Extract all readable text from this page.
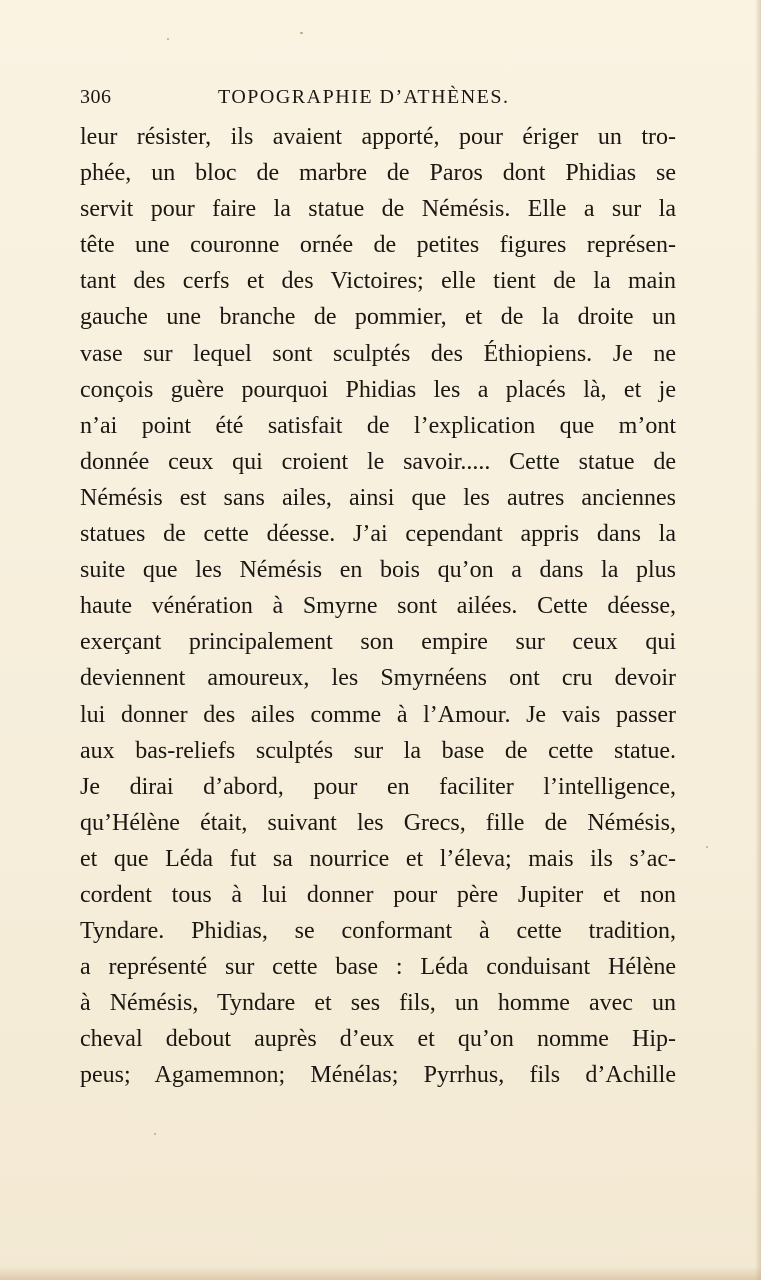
306	TOPOGRAPHIE D’ATHÈNES.
leur résister, ils avaient apporté, pour ériger un tro-
phée, un bloc de marbre de Paros dont Phidias se
servit pour faire la statue de Némésis. Elle a sur la
tête une couronne ornée de petites figures représen-
tant des cerfs et des Victoires; elle tient de la main
gauche une branche de pommier, et de la droite un
vase sur lequel sont sculptés des Éthiopiens. Je ne
conçois guère pourquoi Phidias les a placés là, et je
n’ai point été satisfait de l’explication que m’ont
donnée ceux qui croient le savoir..... Cette statue de
Némésis est sans ailes, ainsi que les autres anciennes
statues de cette déesse. J’ai cependant appris dans la
suite que les Némésis en bois qu’on a dans la plus
haute vénération à Smyrne sont ailées. Cette déesse,
exerçant principalement son empire sur ceux qui
deviennent amoureux, les Smyrnéens ont cru devoir
lui donner des ailes comme à l’Amour. Je vais passer
aux bas-reliefs sculptés sur la base de cette statue.
Je dirai d’abord, pour en faciliter l’intelligence,
qu’Hélène était, suivant les Grecs, fille de Némésis,
et que Léda fut sa nourrice et l’éleva; mais ils s’ac-
cordent tous à lui donner pour père Jupiter et non
Tyndare. Phidias, se conformant à cette tradition,
a représenté sur cette base : Léda conduisant Hélène
à Némésis, Tyndare et ses fils, un homme avec un
cheval debout auprès d’eux et qu’on nomme Hip-
peus; Agamemnon; Ménélas; Pyrrhus, fils d’Achille
